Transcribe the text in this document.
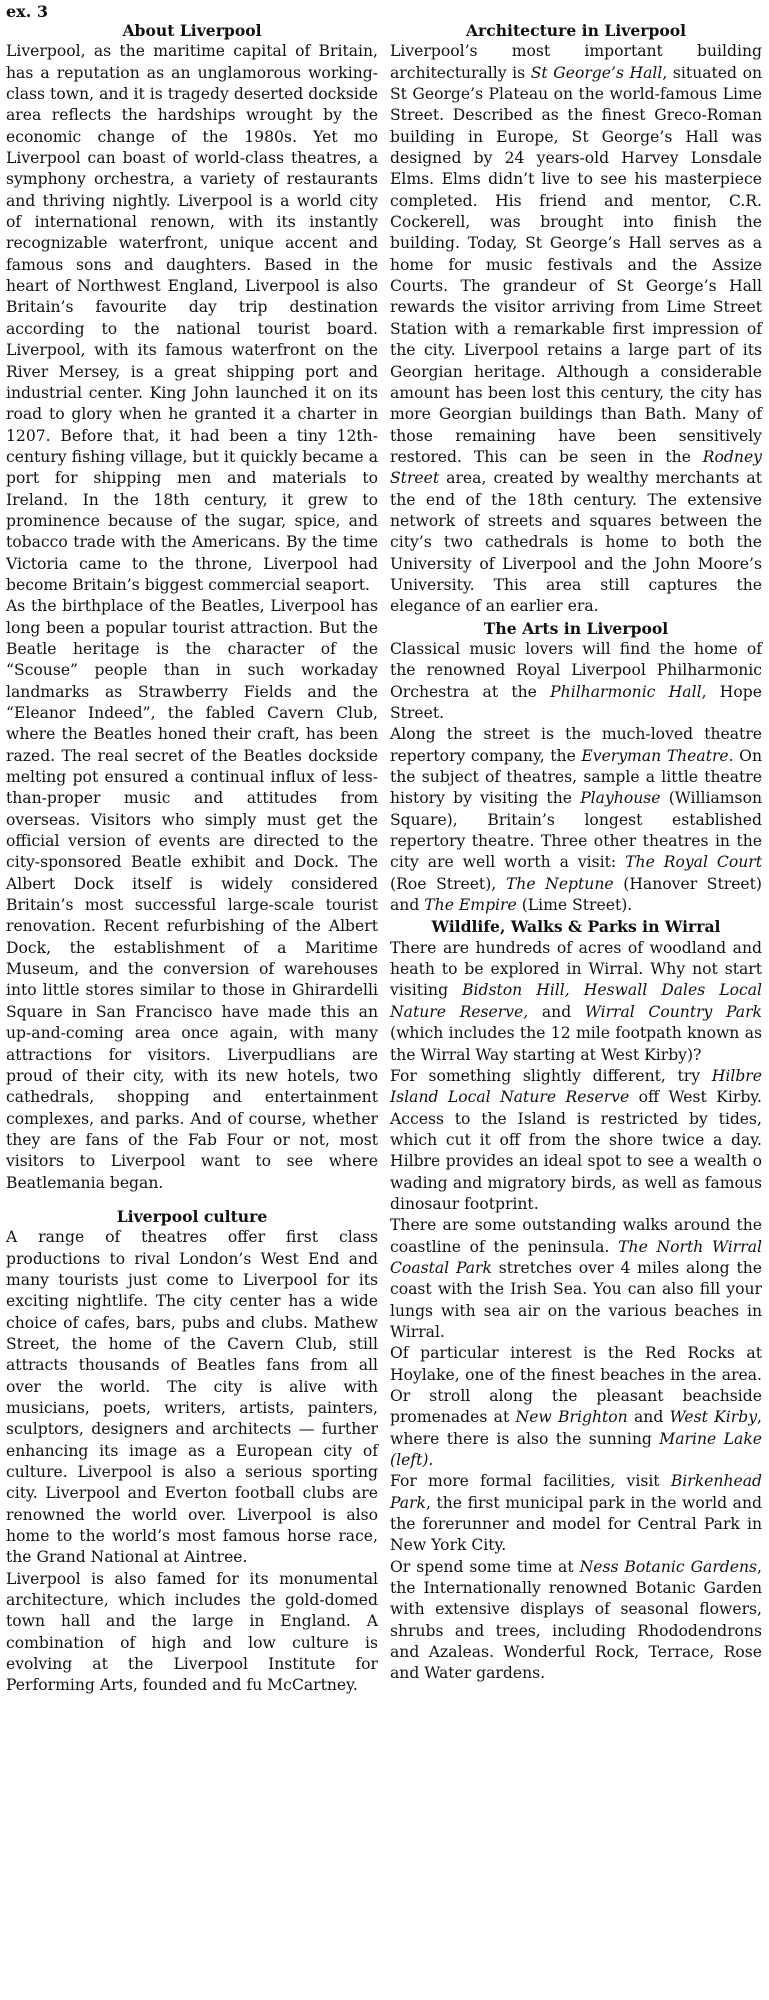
ex. 3
About Liverpool

Liverpool, as the maritime capital of Britain, has a reputation as an unglamorous working-class town, and it is tragedy deserted dockside area reflects the hardships wrought by the economic change of the 1980s. Yet mo Liverpool can boast of world-class theatres, a symphony orchestra, a variety of restaurants and thriving nightly. Liverpool is a world city of international renown, with its instantly recognizable waterfront, unique accent and famous sons and daughters. Based in the heart of Northwest England, Liverpool is also Britain’s favourite day trip destination according to the national tourist board. Liverpool, with its famous waterfront on the River Mersey, is a great shipping port and industrial center. King John launched it on its road to glory when he granted it a charter in 1207. Before that, it had been a tiny 12th-century fishing village, but it quickly became a port for shipping men and materials to Ireland. In the 18th century, it grew to prominence because of the sugar, spice, and tobacco trade with the Americans. By the time Victoria came to the throne, Liverpool had become Britain’s biggest commercial seaport.

As the birthplace of the Beatles, Liverpool has long been a popular tourist attraction. But the Beatle heritage is the character of the “Scouse” people than in such workaday landmarks as Strawberry Fields and the “Eleanor Indeed”, the fabled Cavern Club, where the Beatles honed their craft, has been razed. The real secret of the Beatles dockside melting pot ensured a continual influx of less-than-proper music and attitudes from overseas. Visitors who simply must get the official version of events are directed to the city-sponsored Beatle exhibit and Dock. The Albert Dock itself is widely considered Britain’s most successful large-scale tourist renovation. Recent refurbishing of the Albert Dock, the establishment of a Maritime Museum, and the conversion of warehouses into little stores similar to those in Ghirardelli Square in San Francisco have made this an up-and-coming area once again, with many attractions for visitors. Liverpudlians are proud of their city, with its new hotels, two cathedrals, shopping and entertainment complexes, and parks. And of course, whether they are fans of the Fab Four or not, most visitors to Liverpool want to see where Beatlemania began.

Liverpool culture

A range of theatres offer first class productions to rival London’s West End and many tourists just come to Liverpool for its exciting nightlife. The city center has a wide choice of cafes, bars, pubs and clubs. Mathew Street, the home of the Cavern Club, still attracts thousands of Beatles fans from all over the world. The city is alive with musicians, poets, writers, artists, painters, sculptors, designers and architects — further enhancing its image as a European city of culture. Liverpool is also a serious sporting city. Liverpool and Everton football clubs are renowned the world over. Liverpool is also home to the world’s most famous horse race, the Grand National at Aintree.

Liverpool is also famed for its monumental architecture, which includes the gold-domed town hall and the large in England. A combination of high and low culture is evolving at the Liverpool Institute for Performing Arts, founded and fu McCartney.

Architecture in Liverpool

Liverpool’s most important building architecturally is St George’s Hall, situated on St George’s Plateau on the world-famous Lime Street. Described as the finest Greco-Roman building in Europe, St George’s Hall was designed by 24 years-old Harvey Lonsdale Elms. Elms didn’t live to see his masterpiece completed. His friend and mentor, C.R. Cockerell, was brought into finish the building. Today, St George’s Hall serves as a home for music festivals and the Assize Courts. The grandeur of St George’s Hall rewards the visitor arriving from Lime Street Station with a remarkable first impression of the city. Liverpool retains a large part of its Georgian heritage. Although a considerable amount has been lost this century, the city has more Georgian buildings than Bath. Many of those remaining have been sensitively restored. This can be seen in the Rodney Street area, created by wealthy merchants at the end of the 18th century. The extensive network of streets and squares between the city’s two cathedrals is home to both the University of Liverpool and the John Moore’s University. This area still captures the elegance of an earlier era.

The Arts in Liverpool

Classical music lovers will find the home of the renowned Royal Liverpool Philharmonic Orchestra at the Philharmonic Hall, Hope Street.

Along the street is the much-loved theatre repertory company, the Everyman Theatre. On the subject of theatres, sample a little theatre history by visiting the Playhouse (Williamson Square), Britain’s longest established repertory theatre. Three other theatres in the city are well worth a visit: The Royal Court (Roe Street), The Neptune (Hanover Street) and The Empire (Lime Street).

Wildlife, Walks & Parks in Wirral

There are hundreds of acres of woodland and heath to be explored in Wirral. Why not start visiting Bidston Hill, Heswall Dales Local Nature Reserve, and Wirral Country Park (which includes the 12 mile footpath known as the Wirral Way starting at West Kirby)?

For something slightly different, try Hilbre Island Local Nature Reserve off West Kirby. Access to the Island is restricted by tides, which cut it off from the shore twice a day. Hilbre provides an ideal spot to see a wealth o wading and migratory birds, as well as famous dinosaur footprint.

There are some outstanding walks around the coastline of the peninsula. The North Wirral Coastal Park stretches over 4 miles along the coast with the Irish Sea. You can also fill your lungs with sea air on the various beaches in Wirral.

Of particular interest is the Red Rocks at Hoylake, one of the finest beaches in the area. Or stroll along the pleasant beachside promenades at New Brighton and West Kirby, where there is also the sunning Marine Lake (left).

For more formal facilities, visit Birkenhead Park, the first municipal park in the world and the forerunner and model for Central Park in New York City.

Or spend some time at Ness Botanic Gardens, the Internationally renowned Botanic Garden with extensive displays of seasonal flowers, shrubs and trees, including Rhododendrons and Azaleas. Wonderful Rock, Terrace, Rose and Water gardens.
